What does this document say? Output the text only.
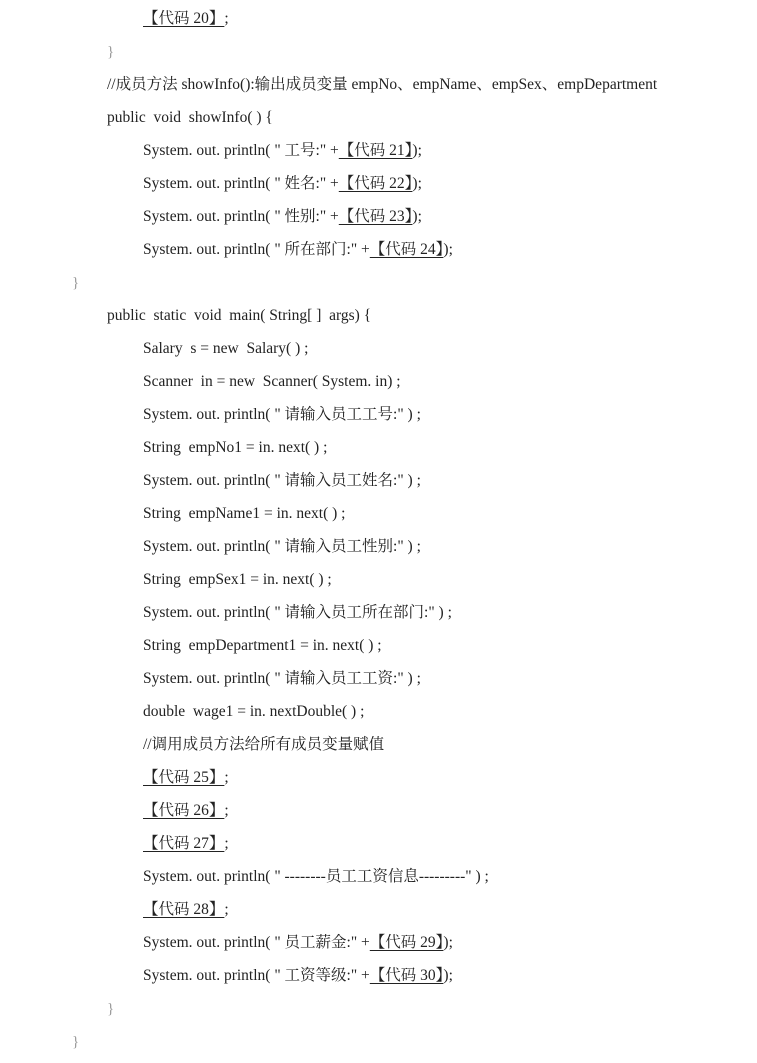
【代码 20】;
}
//成员方法 showInfo():输出成员变量 empNo、empName、empSex、empDepartment
public  void  showInfo( ) {
System. out. println( " 工号:" +【代码 21】);
System. out. println( " 姓名:" +【代码 22】);
System. out. println( " 性别:" +【代码 23】);
System. out. println( " 所在部门:" +【代码 24】);
}
public  static  void  main( String[ ]  args) {
Salary  s = new  Salary( ) ;
Scanner  in = new  Scanner( System. in) ;
System. out. println( " 请输入员工工号:" ) ;
String  empNo1 = in. next( ) ;
System. out. println( " 请输入员工姓名:" ) ;
String  empName1 = in. next( ) ;
System. out. println( " 请输入员工性别:" ) ;
String  empSex1 = in. next( ) ;
System. out. println( " 请输入员工所在部门:" ) ;
String  empDepartment1 = in. next( ) ;
System. out. println( " 请输入员工工资:" ) ;
double  wage1 = in. nextDouble( ) ;
//调用成员方法给所有成员变量赋值
【代码 25】;
【代码 26】;
【代码 27】;
System. out. println( " --------员工工资信息---------" ) ;
【代码 28】;
System. out. println( " 员工薪金:" +【代码 29】);
System. out. println( " 工资等级:" +【代码 30】);
}
}
